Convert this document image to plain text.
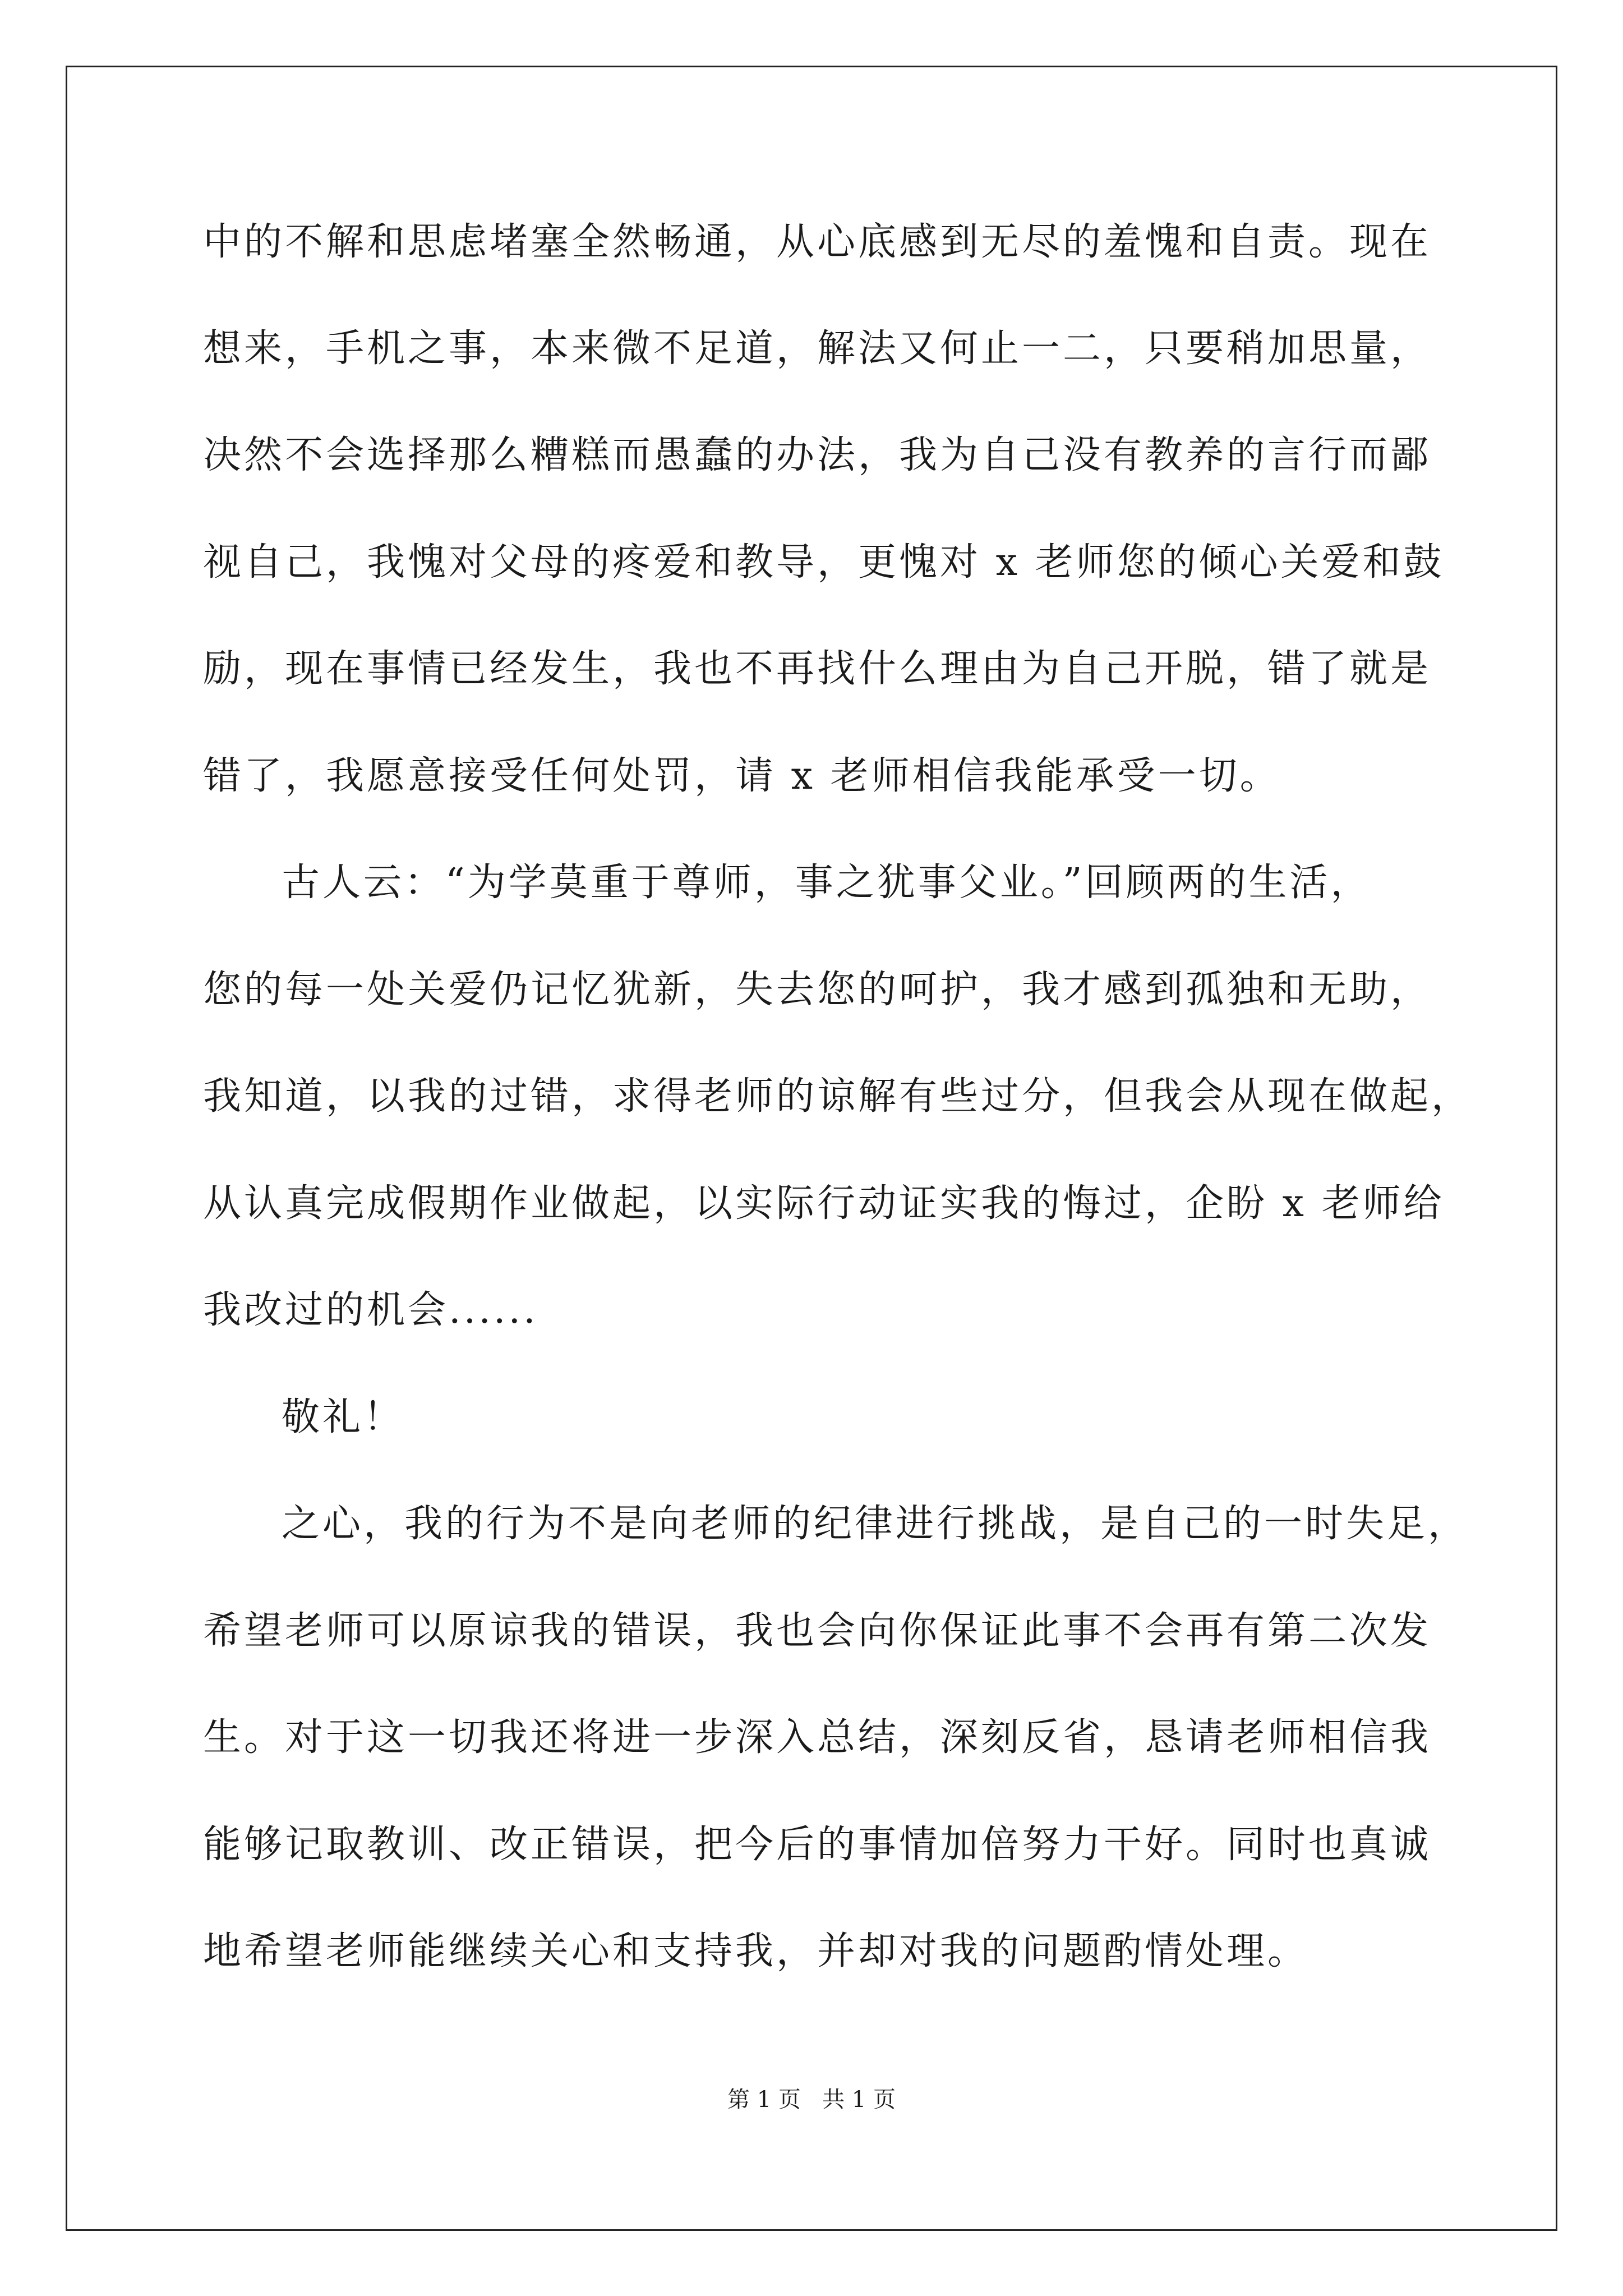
中的不解和思虑堵塞全然畅通，从心底感到无尽的羞愧和自责。现在
想来，手机之事，本来微不足道，解法又何止一二，只要稍加思量，
决然不会选择那么糟糕而愚蠢的办法，我为自己没有教养的言行而鄙
视自己，我愧对父母的疼爱和教导，更愧对 x 老师您的倾心关爱和鼓
励，现在事情已经发生，我也不再找什么理由为自己开脱，错了就是
错了，我愿意接受任何处罚，请 x 老师相信我能承受一切。
古人云：“为学莫重于尊师，事之犹事父业。”回顾两的生活，
您的每一处关爱仍记忆犹新，失去您的呵护，我才感到孤独和无助，
我知道，以我的过错，求得老师的谅解有些过分，但我会从现在做起，
从认真完成假期作业做起，以实际行动证实我的悔过，企盼 x 老师给
我改过的机会......
敬礼！
之心，我的行为不是向老师的纪律进行挑战，是自己的一时失足，
希望老师可以原谅我的错误，我也会向你保证此事不会再有第二次发
生。对于这一切我还将进一步深入总结，深刻反省，恳请老师相信我
能够记取教训、改正错误，把今后的事情加倍努力干好。同时也真诚
地希望老师能继续关心和支持我，并却对我的问题酌情处理。
第 1 页   共 1 页
